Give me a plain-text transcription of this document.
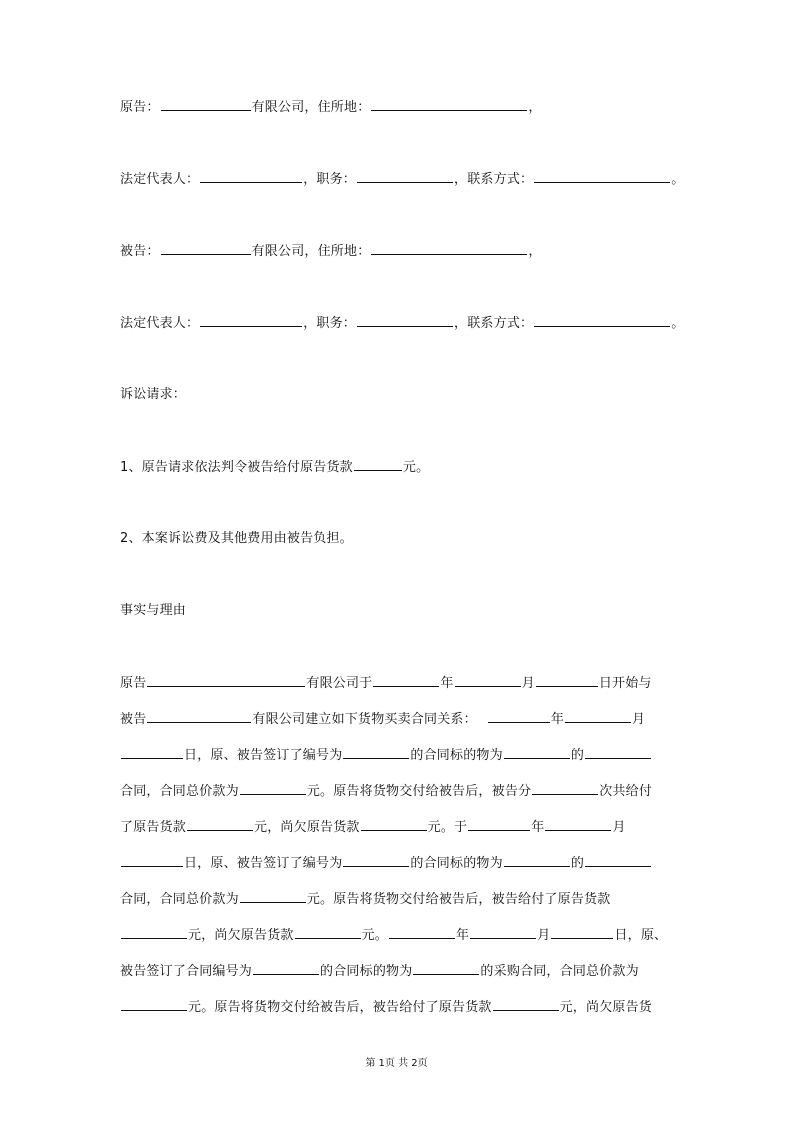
原告：	有限公司，住所地：	，
法定代表人：	，职务：	，联系方式：	。
被告：	有限公司，住所地：	，
法定代表人：	，职务：	，联系方式：	。
诉讼请求：
1、原告请求依法判令被告给付原告货款	元。
2、本案诉讼费及其他费用由被告负担。
事实与理由
原告	有限公司于	年	月	日开始与
被告	有限公司建立如下货物买卖合同关系：	年	月
日，原、被告签订了编号为	的合同标的物为	的
合同，合同总价款为	元。原告将货物交付给被告后，被告分	次共给付
了原告货款	元，尚欠原告货款	元。于	年	月
日，原、被告签订了编号为	的合同标的物为	的
合同，合同总价款为	元。原告将货物交付给被告后，被告给付了原告货款
元，尚欠原告货款	元。	年	月	日，原、
被告签订了合同编号为	的合同标的物为	的采购合同，合同总价款为
元。原告将货物交付给被告后，被告给付了原告货款	元，尚欠原告货
第 1页 共 2页
